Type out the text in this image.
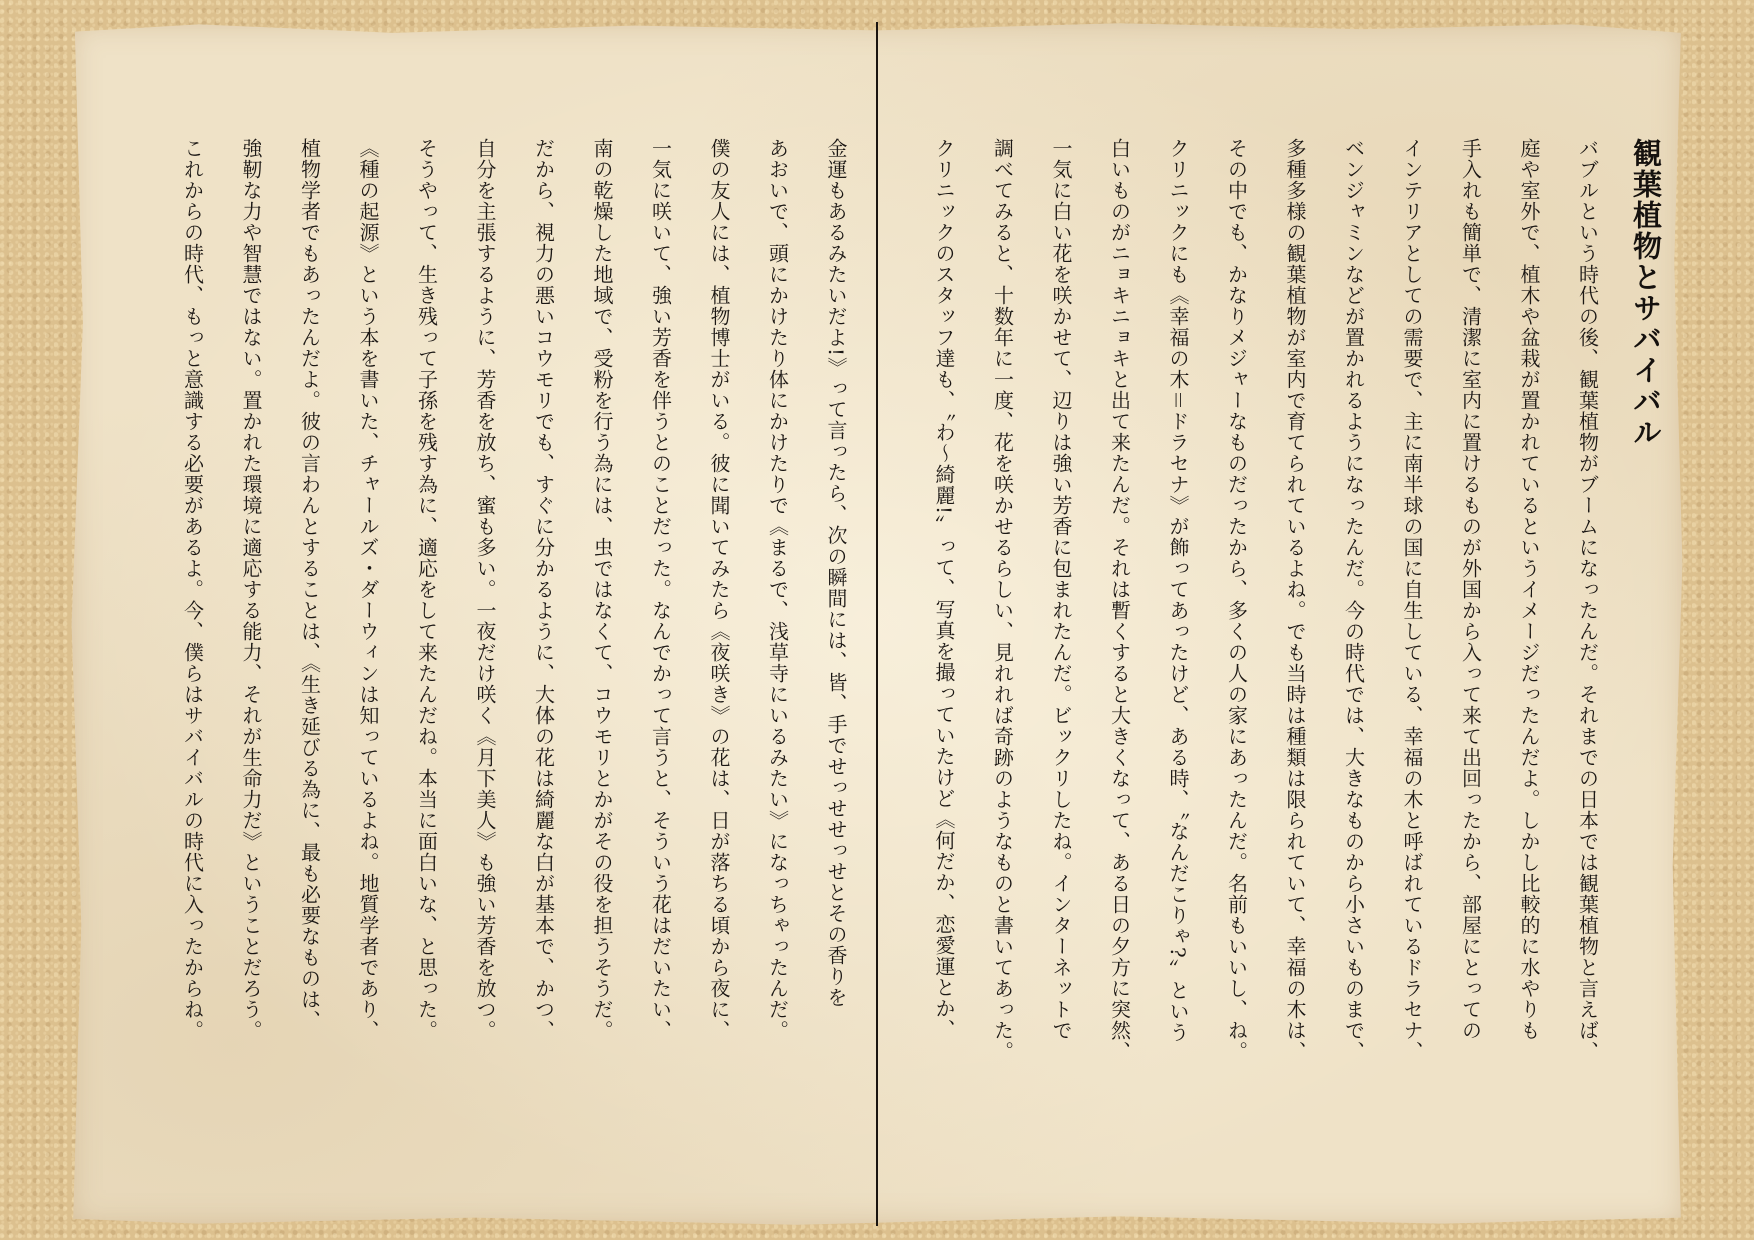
観葉植物とサバイバル

バブルという時代の後、観葉植物がブームになったんだ。それまでの日本では観葉植物と言えば、

庭や室外で、植木や盆栽が置かれているというイメージだったんだよ。しかし比較的に水やりも

手入れも簡単で、清潔に室内に置けるものが外国から入って来て出回ったから、部屋にとっての

インテリアとしての需要で、主に南半球の国に自生している、幸福の木と呼ばれているドラセナ、

ベンジャミンなどが置かれるようになったんだ。今の時代では、大きなものから小さいものまで、

多種多様の観葉植物が室内で育てられているよね。でも当時は種類は限られていて、幸福の木は、

その中でも、かなりメジャーなものだったから、多くの人の家にあったんだ。名前もいいし、ね。

クリニックにも《幸福の木＝ドラセナ》が飾ってあったけど、ある時、〝なんだこりゃ?〟という

白いものがニョキニョキと出て来たんだ。それは暫くすると大きくなって、ある日の夕方に突然、

一気に白い花を咲かせて、辺りは強い芳香に包まれたんだ。ビックリしたね。インターネットで

調べてみると、十数年に一度、花を咲かせるらしい、見れれば奇跡のようなものと書いてあった。

クリニックのスタッフ達も、〝わ〜綺麗!〟って、写真を撮っていたけど《何だか、恋愛運とか、

金運もあるみたいだよ!》って言ったら、次の瞬間には、皆、手でせっせせっせとその香りを

あおいで、頭にかけたり体にかけたりで《まるで、浅草寺にいるみたい》になっちゃったんだ。

僕の友人には、植物博士がいる。彼に聞いてみたら《夜咲き》の花は、日が落ちる頃から夜に、

一気に咲いて、強い芳香を伴うとのことだった。なんでかって言うと、そういう花はだいたい、

南の乾燥した地域で、受粉を行う為には、虫ではなくて、コウモリとかがその役を担うそうだ。

だから、視力の悪いコウモリでも、すぐに分かるように、大体の花は綺麗な白が基本で、かつ、

自分を主張するように、芳香を放ち、蜜も多い。一夜だけ咲く《月下美人》も強い芳香を放つ。

そうやって、生き残って子孫を残す為に、適応をして来たんだね。本当に面白いな、と思った。

《種の起源》という本を書いた、チャールズ・ダーウィンは知っているよね。地質学者であり、

植物学者でもあったんだよ。彼の言わんとすることは、《生き延びる為に、最も必要なものは、

強靭な力や智慧ではない。置かれた環境に適応する能力、それが生命力だ》ということだろう。

これからの時代、もっと意識する必要があるよ。今、僕らはサバイバルの時代に入ったからね。
